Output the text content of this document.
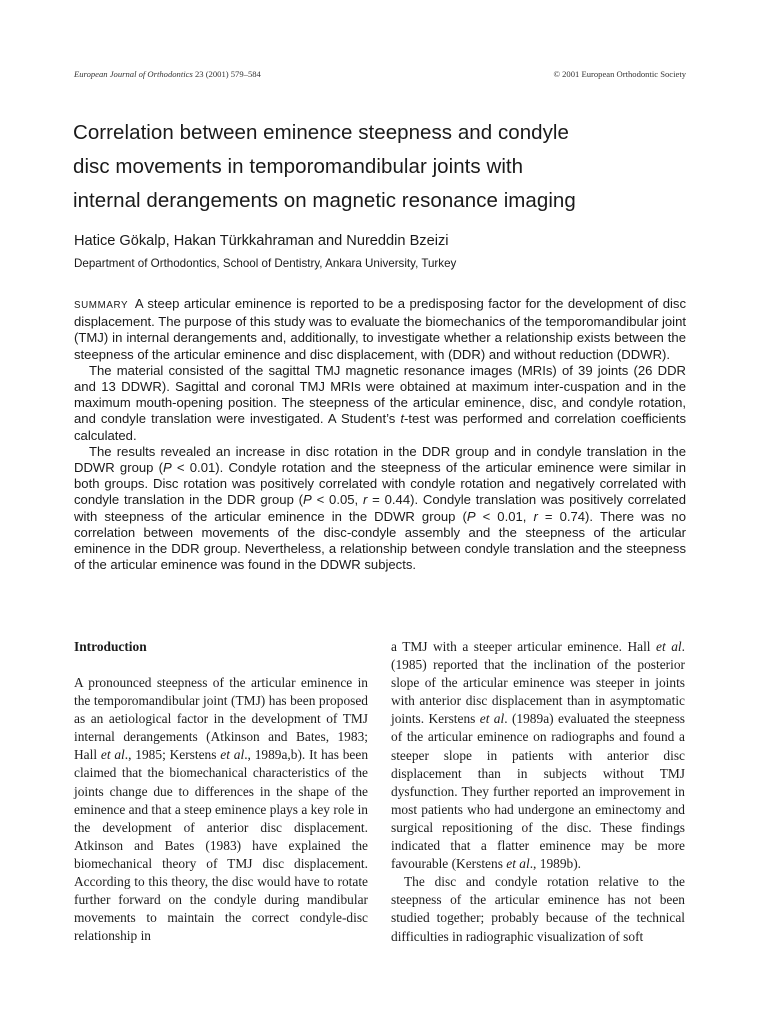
European Journal of Orthodontics 23 (2001) 579–584	© 2001 European Orthodontic Society
Correlation between eminence steepness and condyle
disc movements in temporomandibular joints with
internal derangements on magnetic resonance imaging
Hatice Gökalp, Hakan Türkkahraman and Nureddin Bzeizi
Department of Orthodontics, School of Dentistry, Ankara University, Turkey

SUMMARY A steep articular eminence is reported to be a predisposing factor for the development of disc displacement. The purpose of this study was to evaluate the biomechanics of the temporomandibular joint (TMJ) in internal derangements and, additionally, to investigate whether a relationship exists between the steepness of the articular eminence and disc displacement, with (DDR) and without reduction (DDWR).

The material consisted of the sagittal TMJ magnetic resonance images (MRIs) of 39 joints (26 DDR and 13 DDWR). Sagittal and coronal TMJ MRIs were obtained at maximum inter-cuspation and in the maximum mouth-opening position. The steepness of the articular eminence, disc, and condyle rotation, and condyle translation were investigated. A Student’s t-test was performed and correlation coefficients calculated.

The results revealed an increase in disc rotation in the DDR group and in condyle translation in the DDWR group (P < 0.01). Condyle rotation and the steepness of the articular eminence were similar in both groups. Disc rotation was positively correlated with condyle rotation and negatively correlated with condyle translation in the DDR group (P < 0.05, r = 0.44). Condyle translation was positively correlated with steepness of the articular eminence in the DDWR group (P < 0.01, r = 0.74). There was no correlation between movements of the disc-condyle assembly and the steepness of the articular eminence in the DDR group. Nevertheless, a relationship between condyle translation and the steepness of the articular eminence was found in the DDWR subjects.

Introduction

A pronounced steepness of the articular eminence in the temporomandibular joint (TMJ) has been proposed as an aetiological factor in the development of TMJ internal derangements (Atkinson and Bates, 1983; Hall et al., 1985; Kerstens et al., 1989a,b). It has been claimed that the biomechanical characteristics of the joints change due to differences in the shape of the eminence and that a steep eminence plays a key role in the development of anterior disc displacement. Atkinson and Bates (1983) have explained the biomechanical theory of TMJ disc displacement. According to this theory, the disc would have to rotate further forward on the condyle during mandibular movements to maintain the correct condyle-disc relationship in

a TMJ with a steeper articular eminence. Hall et al. (1985) reported that the inclination of the posterior slope of the articular eminence was steeper in joints with anterior disc displacement than in asymptomatic joints. Kerstens et al. (1989a) evaluated the steepness of the articular eminence on radiographs and found a steeper slope in patients with anterior disc displacement than in subjects without TMJ dysfunction. They further reported an improvement in most patients who had undergone an eminectomy and surgical repositioning of the disc. These findings indicated that a flatter eminence may be more favourable (Kerstens et al., 1989b).

The disc and condyle rotation relative to the steepness of the articular eminence has not been studied together; probably because of the technical difficulties in radiographic visualization of soft
